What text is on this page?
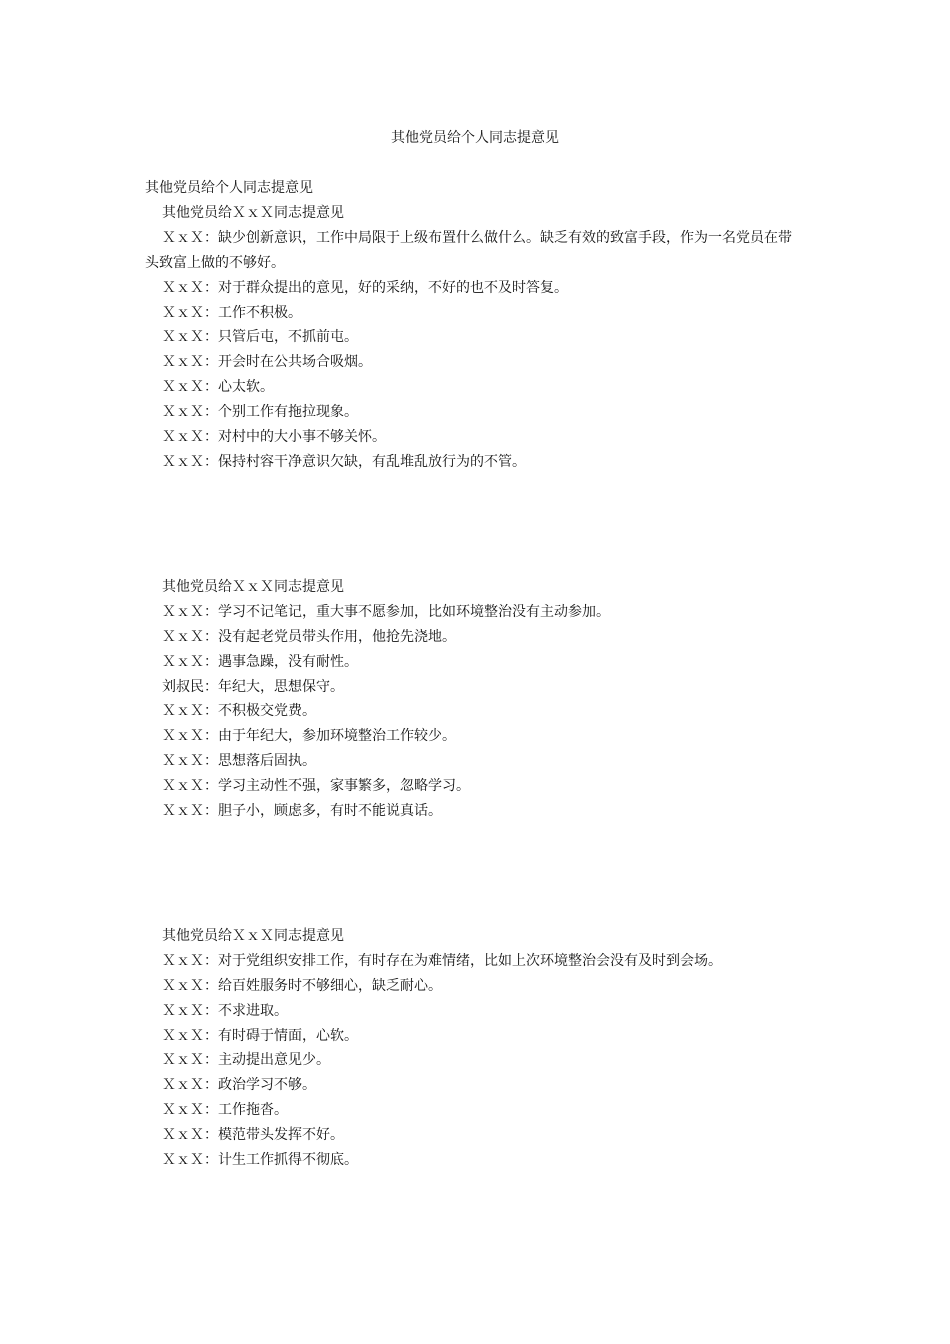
其他党员给个人同志提意见

其他党员给个人同志提意见

其他党员给ＸｘＸ同志提意见

ＸｘＸ：缺少创新意识，工作中局限于上级布置什么做什么。缺乏有效的致富手段，作为一名党员在带头致富上做的不够好。

ＸｘＸ：对于群众提出的意见，好的采纳，不好的也不及时答复。

ＸｘＸ：工作不积极。

ＸｘＸ：只管后屯，不抓前屯。

ＸｘＸ：开会时在公共场合吸烟。

ＸｘＸ：心太软。

ＸｘＸ：个别工作有拖拉现象。

ＸｘＸ：对村中的大小事不够关怀。

ＸｘＸ：保持村容干净意识欠缺，有乱堆乱放行为的不管。

其他党员给ＸｘＸ同志提意见

ＸｘＸ：学习不记笔记，重大事不愿参加，比如环境整治没有主动参加。

ＸｘＸ：没有起老党员带头作用，他抢先浇地。

ＸｘＸ：遇事急躁，没有耐性。

刘叔民：年纪大，思想保守。

ＸｘＸ：不积极交党费。

ＸｘＸ：由于年纪大，参加环境整治工作较少。

ＸｘＸ：思想落后固执。

ＸｘＸ：学习主动性不强，家事繁多，忽略学习。

ＸｘＸ：胆子小，顾虑多，有时不能说真话。

其他党员给ＸｘＸ同志提意见

ＸｘＸ：对于党组织安排工作，有时存在为难情绪，比如上次环境整治会没有及时到会场。

ＸｘＸ：给百姓服务时不够细心，缺乏耐心。

ＸｘＸ：不求进取。

ＸｘＸ：有时碍于情面，心软。

ＸｘＸ：主动提出意见少。

ＸｘＸ：政治学习不够。

ＸｘＸ：工作拖沓。

ＸｘＸ：模范带头发挥不好。

ＸｘＸ：计生工作抓得不彻底。
